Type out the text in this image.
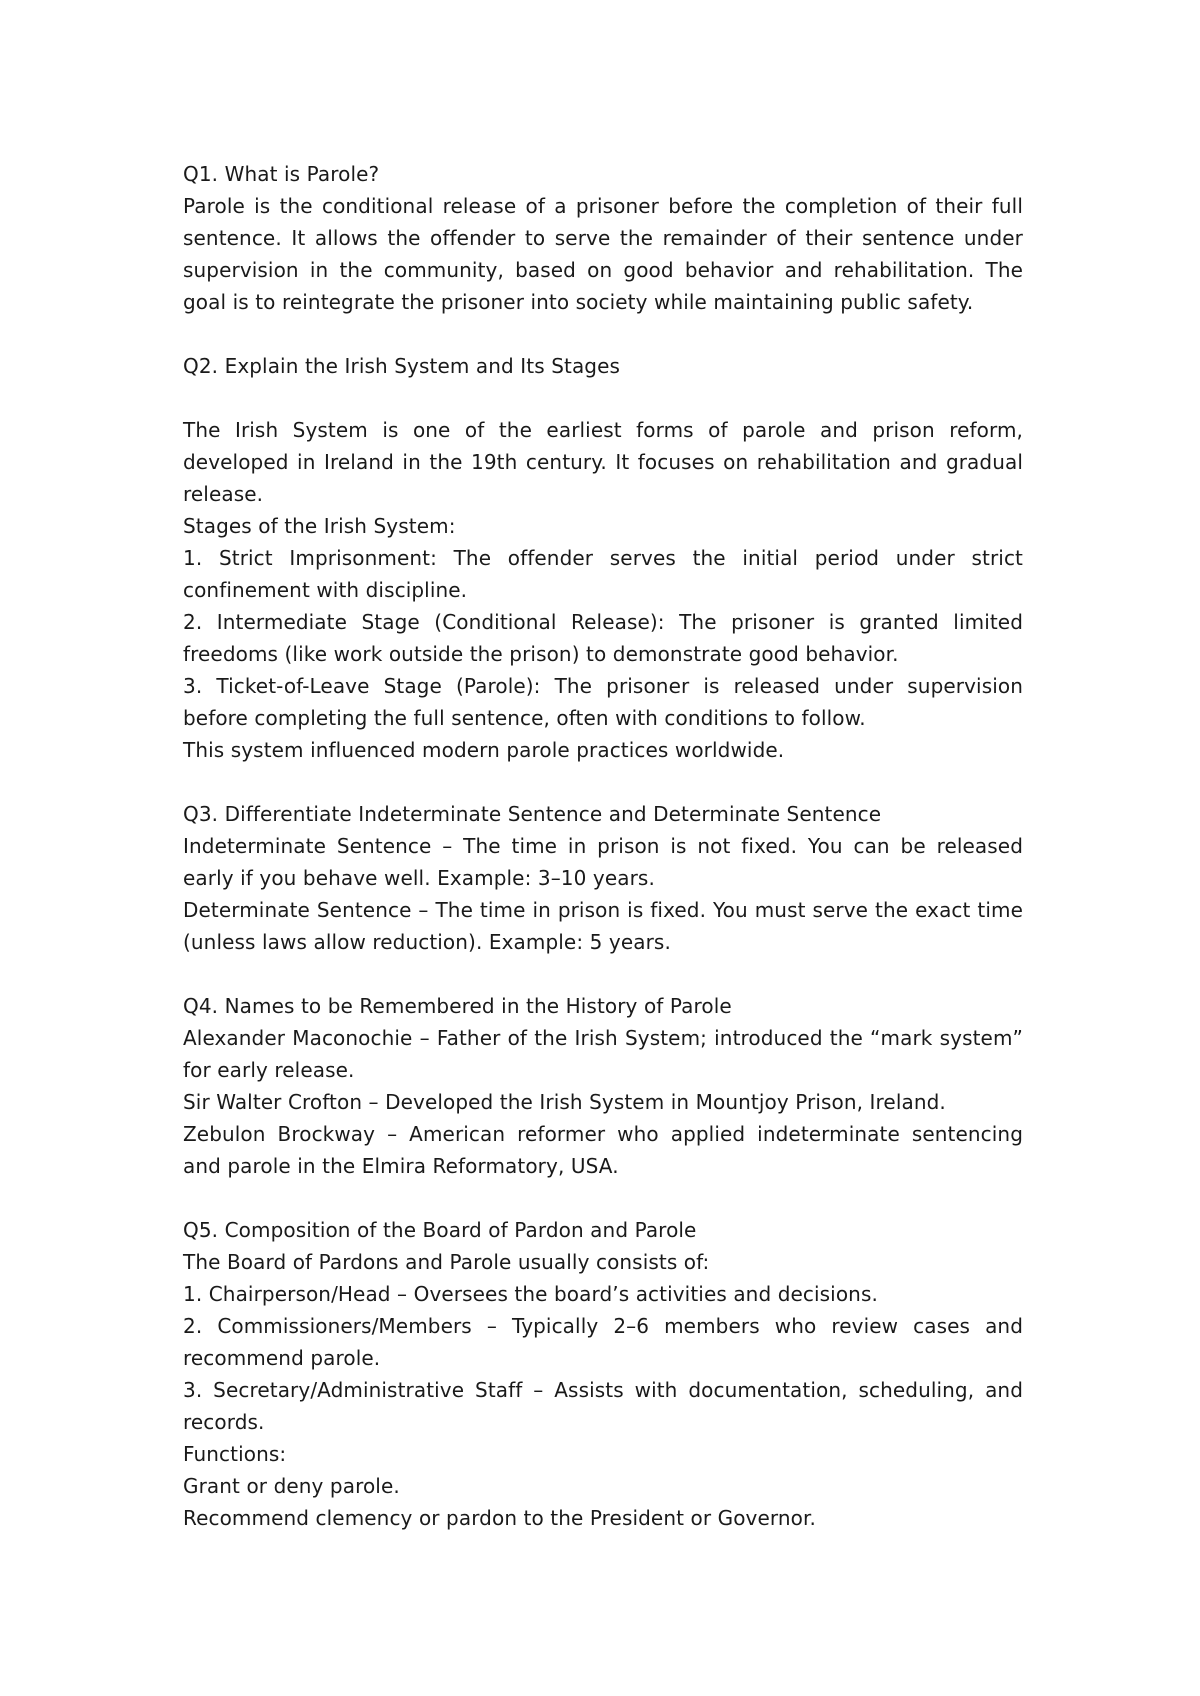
Q1. What is Parole?

Parole is the conditional release of a prisoner before the completion of their full sentence. It allows the offender to serve the remainder of their sentence under supervision in the community, based on good behavior and rehabilitation. The goal is to reintegrate the prisoner into society while maintaining public safety.

Q2. Explain the Irish System and Its Stages

The Irish System is one of the earliest forms of parole and prison reform, developed in Ireland in the 19th century. It focuses on rehabilitation and gradual release.

Stages of the Irish System:

1. Strict Imprisonment: The offender serves the initial period under strict confinement with discipline.

2. Intermediate Stage (Conditional Release): The prisoner is granted limited freedoms (like work outside the prison) to demonstrate good behavior.

3. Ticket-of-Leave Stage (Parole): The prisoner is released under supervision before completing the full sentence, often with conditions to follow.

This system influenced modern parole practices worldwide.

Q3. Differentiate Indeterminate Sentence and Determinate Sentence

Indeterminate Sentence – The time in prison is not fixed. You can be released early if you behave well. Example: 3–10 years.

Determinate Sentence – The time in prison is fixed. You must serve the exact time (unless laws allow reduction). Example: 5 years.

Q4. Names to be Remembered in the History of Parole

Alexander Maconochie – Father of the Irish System; introduced the “mark system” for early release.

Sir Walter Crofton – Developed the Irish System in Mountjoy Prison, Ireland.

Zebulon Brockway – American reformer who applied indeterminate sentencing and parole in the Elmira Reformatory, USA.

Q5. Composition of the Board of Pardon and Parole

The Board of Pardons and Parole usually consists of:

1. Chairperson/Head – Oversees the board’s activities and decisions.

2. Commissioners/Members – Typically 2–6 members who review cases and recommend parole.

3. Secretary/Administrative Staff – Assists with documentation, scheduling, and records.

Functions:

Grant or deny parole.

Recommend clemency or pardon to the President or Governor.
